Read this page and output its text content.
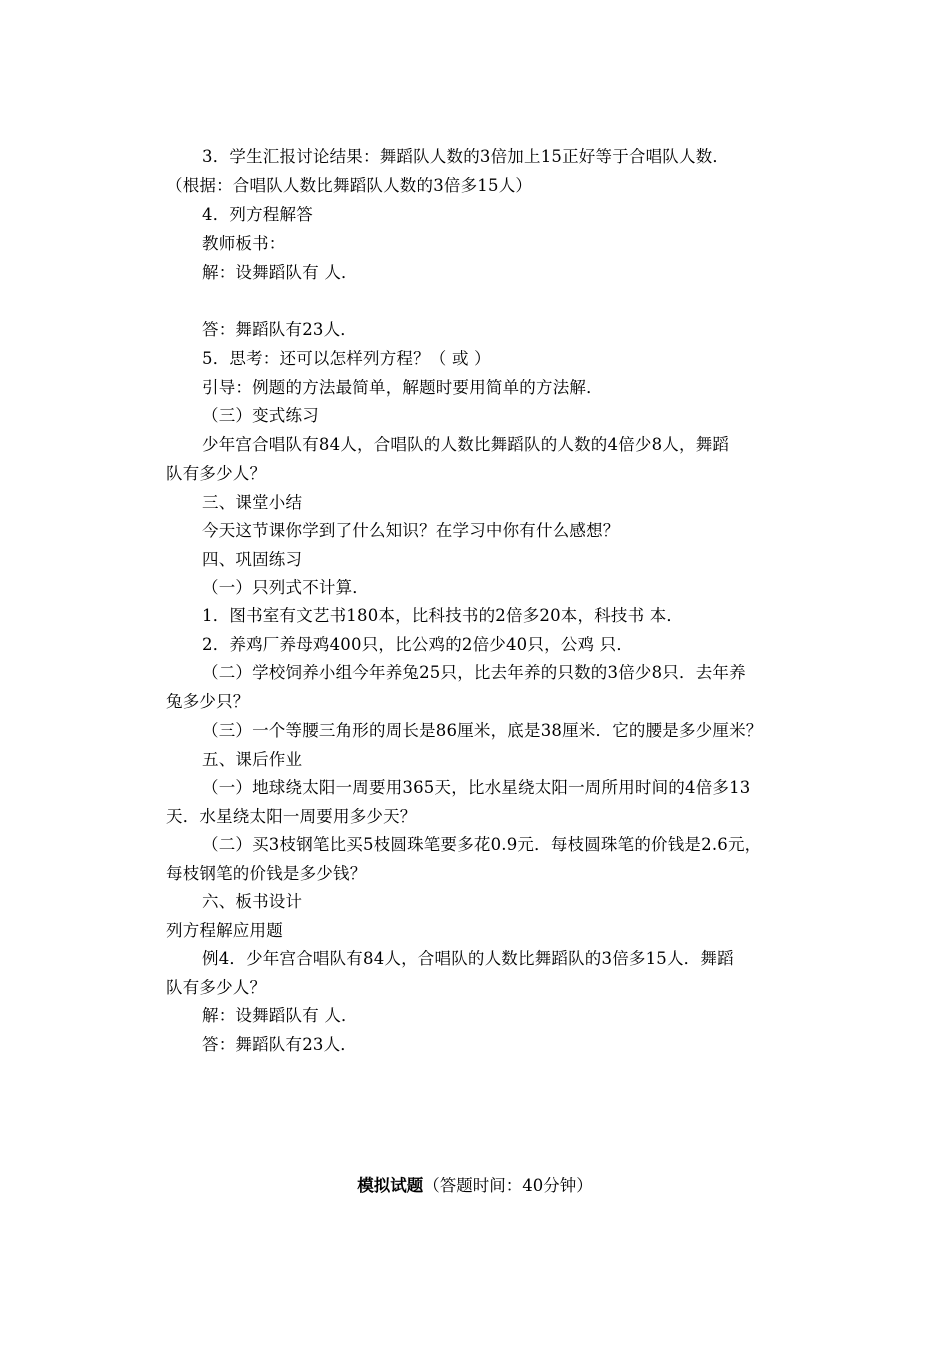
3．学生汇报讨论结果：舞蹈队人数的3倍加上15正好等于合唱队人数．
（根据：合唱队人数比舞蹈队人数的3倍多15人）
4．列方程解答
教师板书：
解：设舞蹈队有 人．
答：舞蹈队有23人．
5．思考：还可以怎样列方程？（ 或 ）
引导：例题的方法最简单，解题时要用简单的方法解．
（三）变式练习
少年宫合唱队有84人，合唱队的人数比舞蹈队的人数的4倍少8人，舞蹈
队有多少人？
三、课堂小结
今天这节课你学到了什么知识？在学习中你有什么感想？
四、巩固练习
（一）只列式不计算．
1．图书室有文艺书180本，比科技书的2倍多20本，科技书 本．
2．养鸡厂养母鸡400只，比公鸡的2倍少40只，公鸡 只．
（二）学校饲养小组今年养兔25只，比去年养的只数的3倍少8只．去年养
兔多少只？
（三）一个等腰三角形的周长是86厘米，底是38厘米．它的腰是多少厘米？
五、课后作业
（一）地球绕太阳一周要用365天，比水星绕太阳一周所用时间的4倍多13
天．水星绕太阳一周要用多少天？
（二）买3枝钢笔比买5枝圆珠笔要多花0.9元．每枝圆珠笔的价钱是2.6元，
每枝钢笔的价钱是多少钱？
六、板书设计
列方程解应用题
例4．少年宫合唱队有84人，合唱队的人数比舞蹈队的3倍多15人．舞蹈
队有多少人？
解：设舞蹈队有 人．
答：舞蹈队有23人．
模拟试题（答题时间：40分钟）
